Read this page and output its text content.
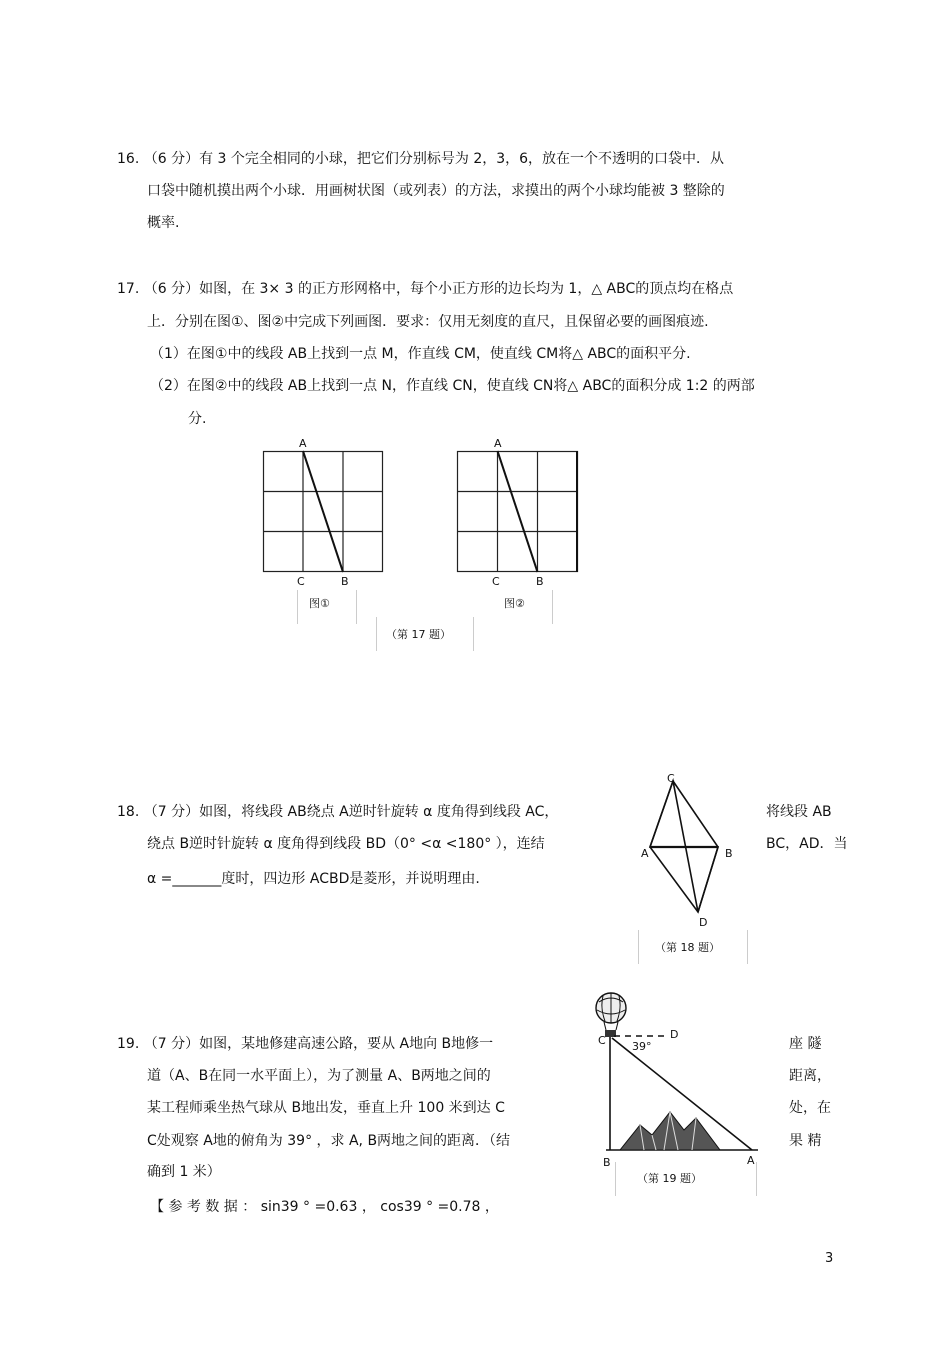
16. （6 分）有 3 个完全相同的小球，把它们分别标号为 2，3，6，放在一个不透明的口袋中．从
口袋中随机摸出两个小球．用画树状图（或列表）的方法，求摸出的两个小球均能被 3 整除的
概率.
17. （6 分）如图，在 3× 3 的正方形网格中，每个小正方形的边长均为 1，△ ABC的顶点均在格点
上．分别在图①、图②中完成下列画图．要求：仅用无刻度的直尺，且保留必要的画图痕迹.
（1）在图①中的线段 AB上找到一点 M，作直线 CM，使直线 CM将△ ABC的面积平分.
（2）在图②中的线段 AB上找到一点 N，作直线 CN，使直线 CN将△ ABC的面积分成 1:2 的两部
分.
A
C	B
图①
A
C	B
图②
（第 17 题）
18. （7 分）如图，将线段 AB绕点 A逆时针旋转 α 度角得到线段 AC，	将线段 AB
绕点 B逆时针旋转 α 度角得到线段 BD（0° <α <180° ），连结	BC，AD．当
α =_______度时，四边形 ACBD是菱形，并说明理由.
C
A	B
D
（第 18 题）
19. （7 分）如图，某地修建高速公路，要从 A地向 B地修一	座 隧
道（A、B在同一水平面上），为了测量 A、B两地之间的	距离，
某工程师乘坐热气球从 B地出发，垂直上升 100 米到达 C	处，在
C处观察 A地的俯角为 39° ，求 A, B两地之间的距离．（结	果 精
确到 1 米）
【 参 考 数 据 ： sin39 ° =0.63 ， cos39 ° =0.78 ，
C	D
39°
B	A
（第 19 题）
3
